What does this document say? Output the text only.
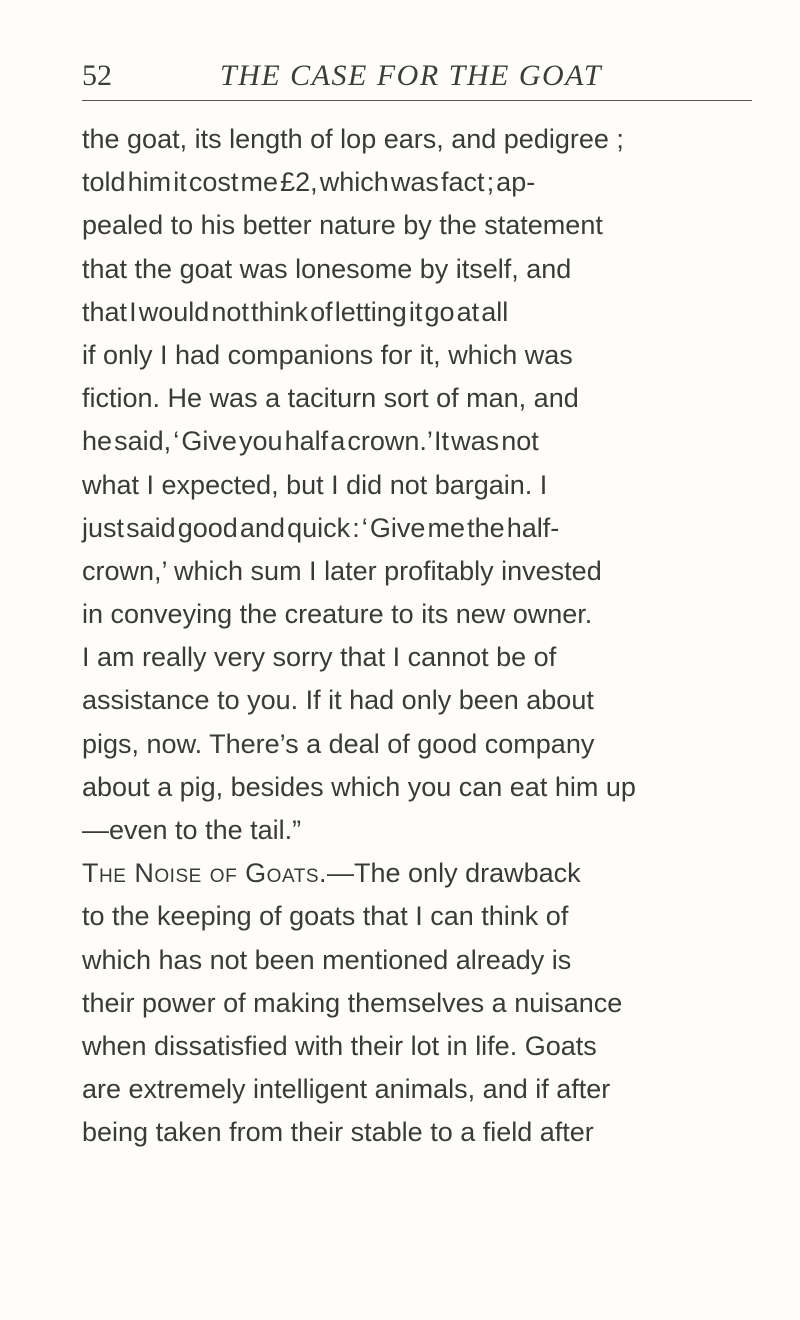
52	THE CASE FOR THE GOAT
the goat, its length of lop ears, and pedigree ;
told him it cost me £2, which was fact ; ap-
pealed to his better nature by the statement
that the goat was lonesome by itself, and
that I would not think of letting it go at all
if only I had companions for it, which was
fiction. He was a taciturn sort of man, and
he said, ‘ Give you half a crown.’ It was not
what I expected, but I did not bargain. I
just said good and quick : ‘ Give me the half-
crown,’ which sum I later profitably invested
in conveying the creature to its new owner.
I am really very sorry that I cannot be of
assistance to you. If it had only been about
pigs, now. There’s a deal of good company
about a pig, besides which you can eat him up
—even to the tail.”
The Noise of Goats.—The only drawback
to the keeping of goats that I can think of
which has not been mentioned already is
their power of making themselves a nuisance
when dissatisfied with their lot in life. Goats
are extremely intelligent animals, and if after
being taken from their stable to a field after
